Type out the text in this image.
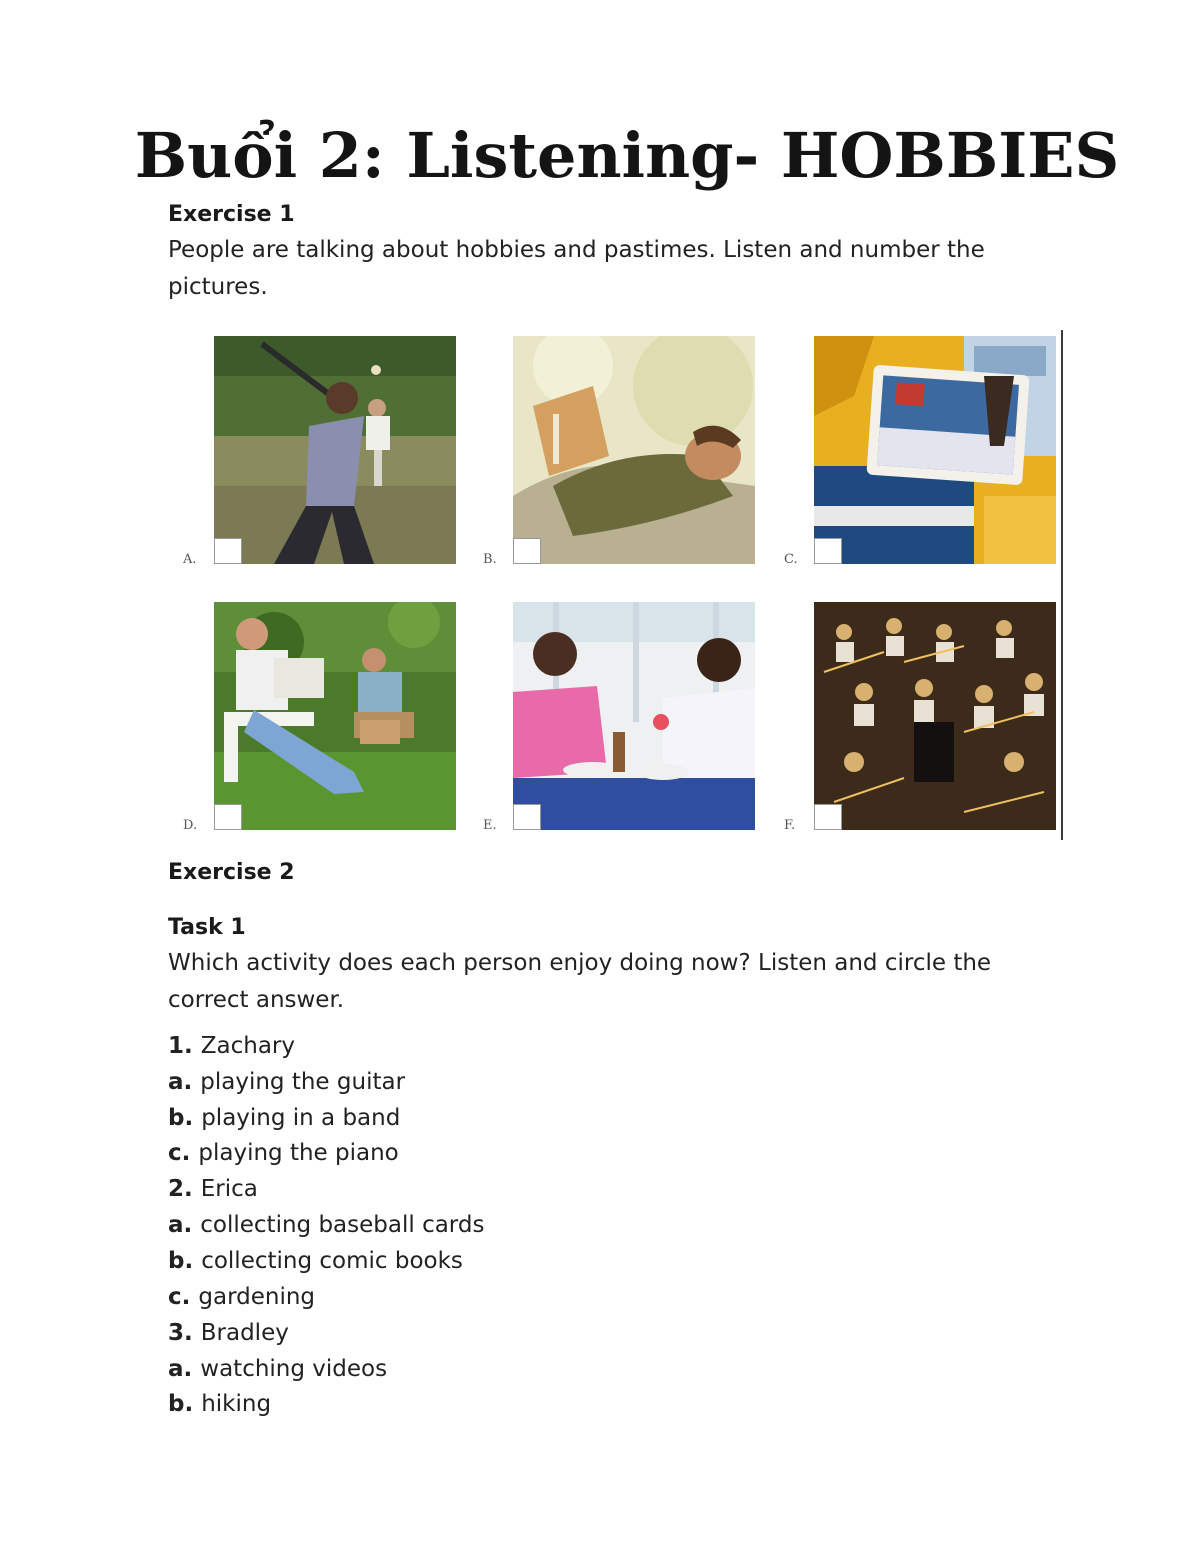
Buổi 2: Listening- HOBBIES
Exercise 1
People are talking about hobbies and pastimes. Listen and number the pictures.
A.	B.	C.
D.	E.	F.
Exercise 2
Task 1
Which activity does each person enjoy doing now? Listen and circle the correct answer.
1. Zachary
a. playing the guitar
b. playing in a band
c. playing the piano
2. Erica
a. collecting baseball cards
b. collecting comic books
c. gardening
3. Bradley
a. watching videos
b. hiking
